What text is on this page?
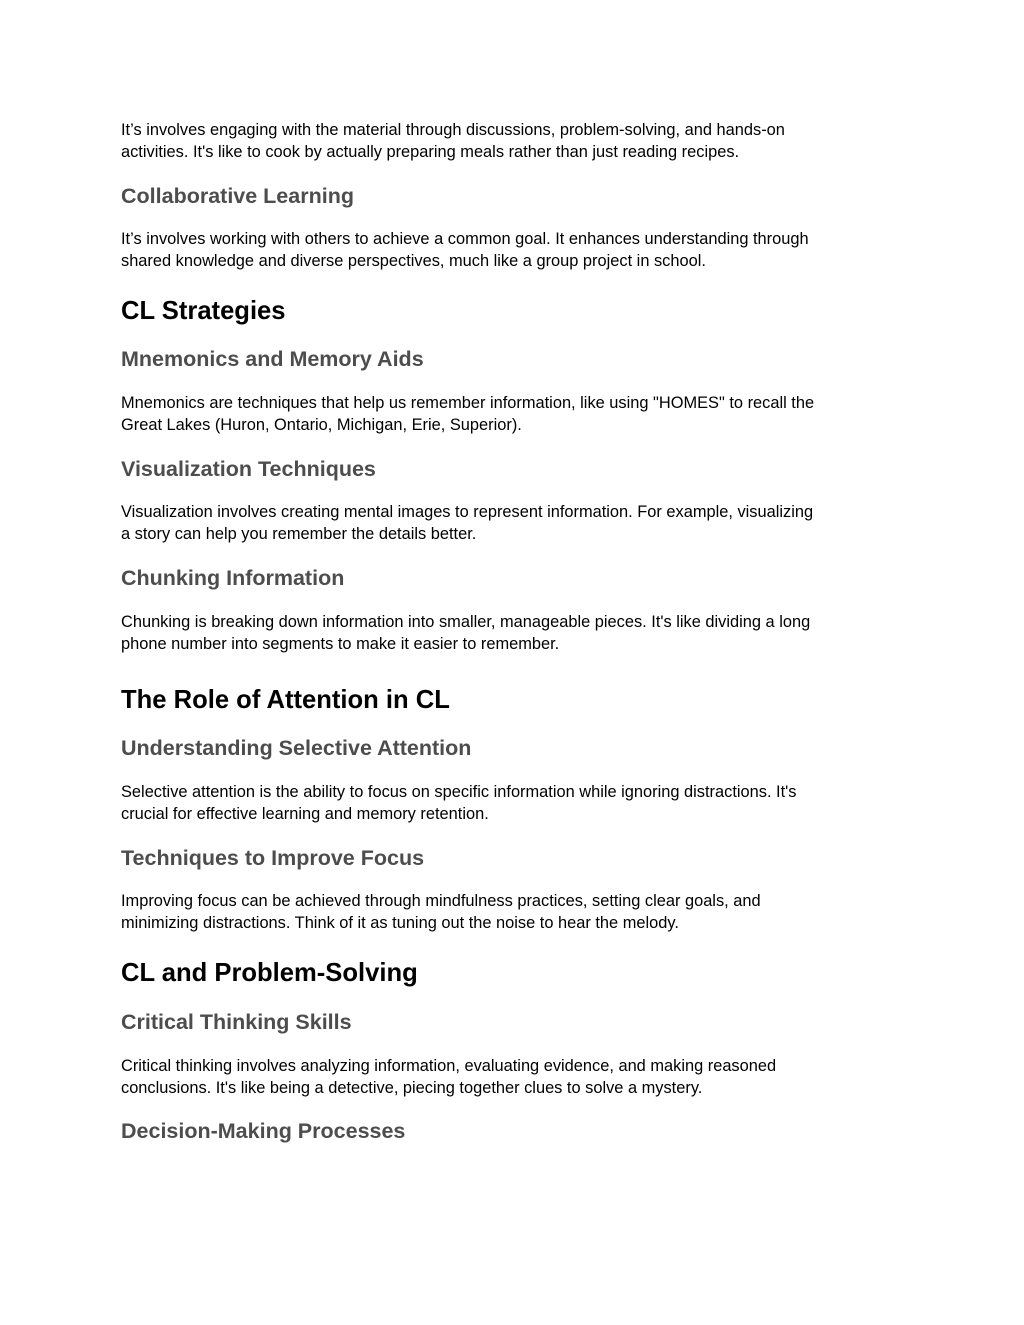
It’s involves engaging with the material through discussions, problem-solving, and hands-on
activities. It's like to cook by actually preparing meals rather than just reading recipes.

Collaborative Learning

It’s involves working with others to achieve a common goal. It enhances understanding through
shared knowledge and diverse perspectives, much like a group project in school.

CL Strategies
Mnemonics and Memory Aids

Mnemonics are techniques that help us remember information, like using "HOMES" to recall the
Great Lakes (Huron, Ontario, Michigan, Erie, Superior).

Visualization Techniques

Visualization involves creating mental images to represent information. For example, visualizing
a story can help you remember the details better.

Chunking Information

Chunking is breaking down information into smaller, manageable pieces. It's like dividing a long
phone number into segments to make it easier to remember.

The Role of Attention in CL
Understanding Selective Attention

Selective attention is the ability to focus on specific information while ignoring distractions. It's
crucial for effective learning and memory retention.

Techniques to Improve Focus

Improving focus can be achieved through mindfulness practices, setting clear goals, and
minimizing distractions. Think of it as tuning out the noise to hear the melody.

CL and Problem-Solving
Critical Thinking Skills

Critical thinking involves analyzing information, evaluating evidence, and making reasoned
conclusions. It's like being a detective, piecing together clues to solve a mystery.

Decision-Making Processes
